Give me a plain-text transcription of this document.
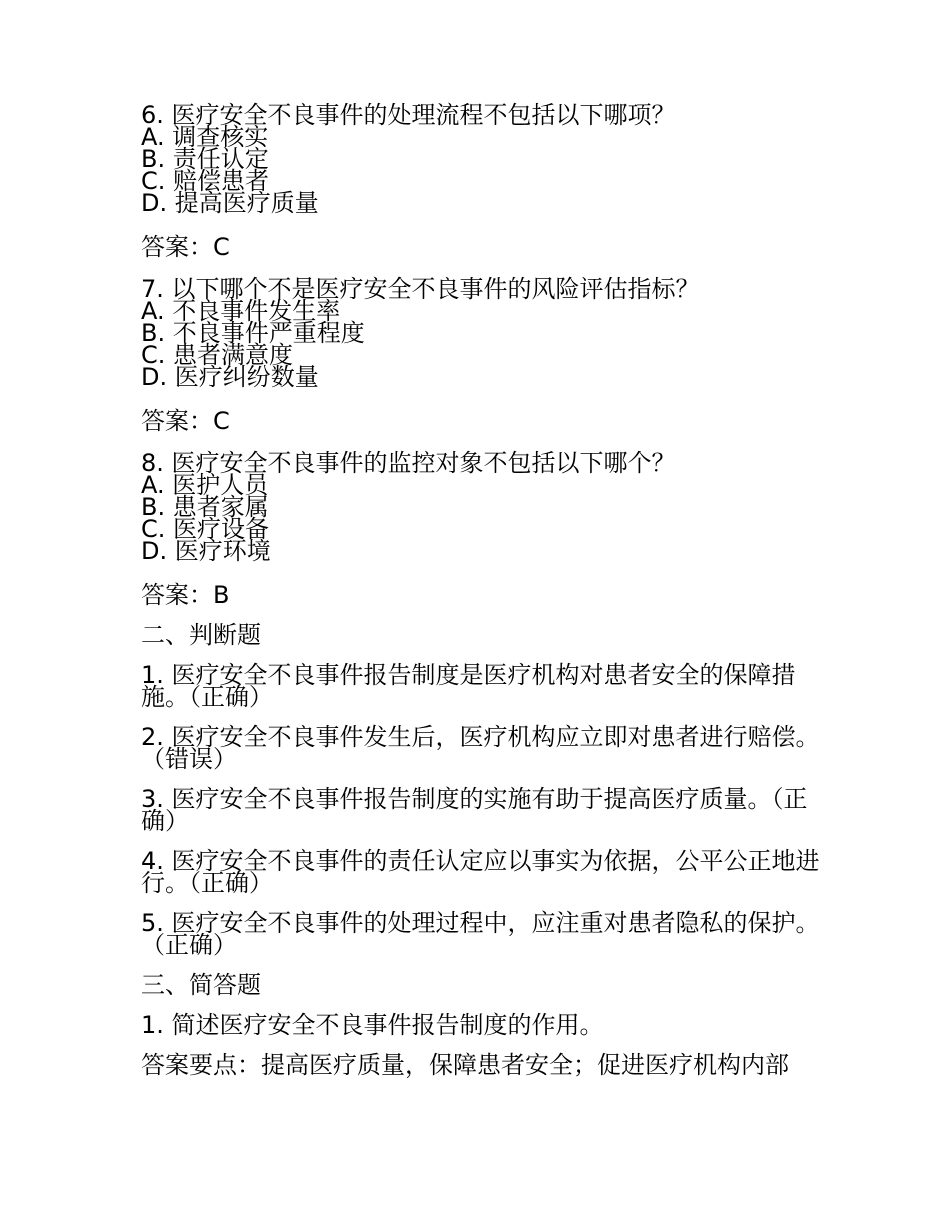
6. 医疗安全不良事件的处理流程不包括以下哪项？
A. 调查核实
B. 责任认定
C. 赔偿患者
D. 提高医疗质量
答案：C
7. 以下哪个不是医疗安全不良事件的风险评估指标？
A. 不良事件发生率
B. 不良事件严重程度
C. 患者满意度
D. 医疗纠纷数量
答案：C
8. 医疗安全不良事件的监控对象不包括以下哪个？
A. 医护人员
B. 患者家属
C. 医疗设备
D. 医疗环境
答案：B
二、判断题
1. 医疗安全不良事件报告制度是医疗机构对患者安全的保障措施。（正确）
2. 医疗安全不良事件发生后，医疗机构应立即对患者进行赔偿。（错误）
3. 医疗安全不良事件报告制度的实施有助于提高医疗质量。（正确）
4. 医疗安全不良事件的责任认定应以事实为依据，公平公正地进行。（正确）
5. 医疗安全不良事件的处理过程中，应注重对患者隐私的保护。（正确）
三、简答题
1. 简述医疗安全不良事件报告制度的作用。
答案要点：提高医疗质量，保障患者安全；促进医疗机构内部
